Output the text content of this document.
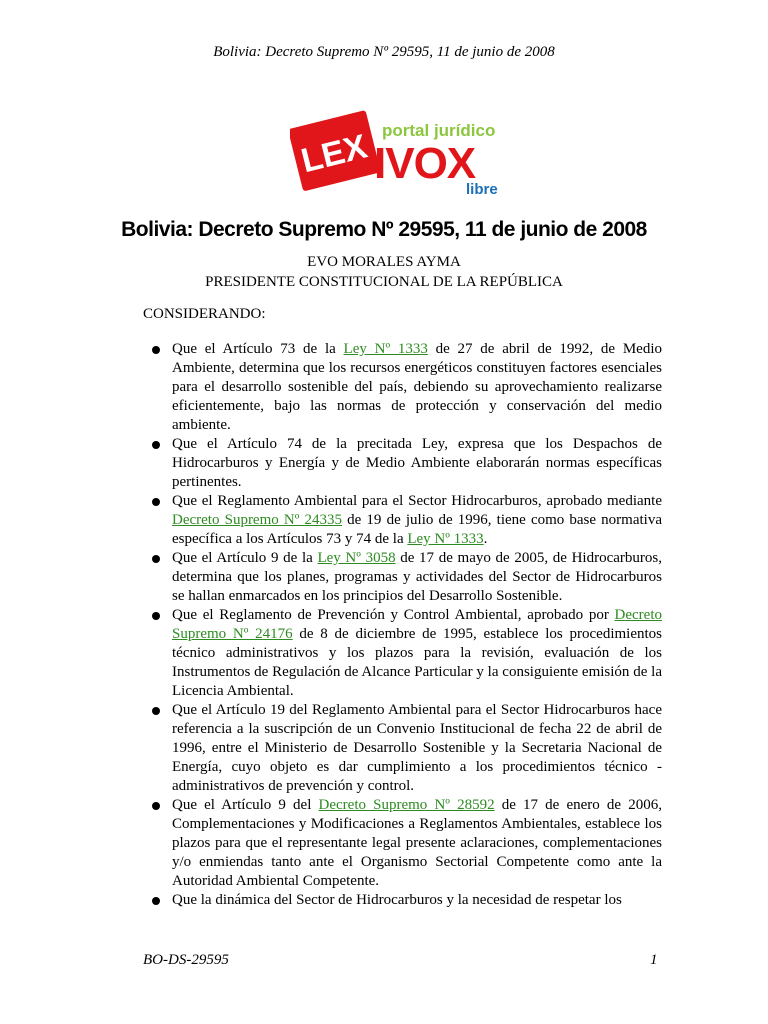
Bolivia: Decreto Supremo Nº 29595, 11 de junio de 2008
LEX portal jurídico
IVOX
libre
Bolivia: Decreto Supremo Nº 29595, 11 de junio de 2008
EVO MORALES AYMA
PRESIDENTE CONSTITUCIONAL DE LA REPÚBLICA
CONSIDERANDO:
Que el Artículo 73 de la Ley Nº 1333 de 27 de abril de 1992, de Medio Ambiente, determina que los recursos energéticos constituyen factores esenciales para el desarrollo sostenible del país, debiendo su aprovechamiento realizarse eficientemente, bajo las normas de protección y conservación del medio ambiente.
Que el Artículo 74 de la precitada Ley, expresa que los Despachos de Hidrocarburos y Energía y de Medio Ambiente elaborarán normas específicas pertinentes.
Que el Reglamento Ambiental para el Sector Hidrocarburos, aprobado mediante Decreto Supremo Nº 24335 de 19 de julio de 1996, tiene como base normativa específica a los Artículos 73 y 74 de la Ley Nº 1333.
Que el Artículo 9 de la Ley Nº 3058 de 17 de mayo de 2005, de Hidrocarburos, determina que los planes, programas y actividades del Sector de Hidrocarburos se hallan enmarcados en los principios del Desarrollo Sostenible.
Que el Reglamento de Prevención y Control Ambiental, aprobado por Decreto Supremo Nº 24176 de 8 de diciembre de 1995, establece los procedimientos técnico administrativos y los plazos para la revisión, evaluación de los Instrumentos de Regulación de Alcance Particular y la consiguiente emisión de la Licencia Ambiental.
Que el Artículo 19 del Reglamento Ambiental para el Sector Hidrocarburos hace referencia a la suscripción de un Convenio Institucional de fecha 22 de abril de 1996, entre el Ministerio de Desarrollo Sostenible y la Secretaria Nacional de Energía, cuyo objeto es dar cumplimiento a los procedimientos técnico - administrativos de prevención y control.
Que el Artículo 9 del Decreto Supremo Nº 28592 de 17 de enero de 2006, Complementaciones y Modificaciones a Reglamentos Ambientales, establece los plazos para que el representante legal presente aclaraciones, complementaciones y/o enmiendas tanto ante el Organismo Sectorial Competente como ante la Autoridad Ambiental Competente.
Que la dinámica del Sector de Hidrocarburos y la necesidad de respetar los
BO-DS-29595	1
